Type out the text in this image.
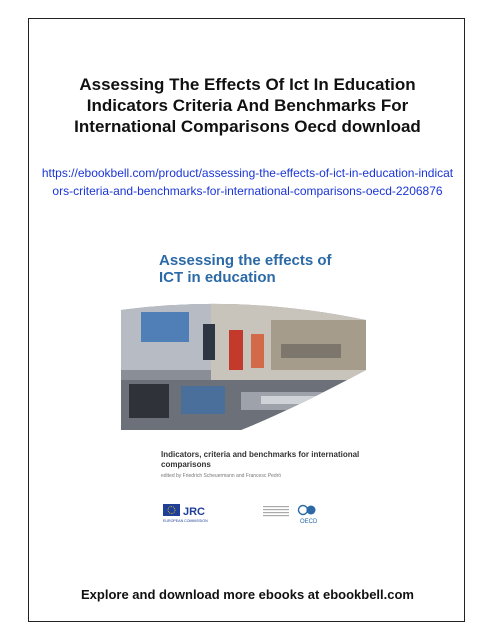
Assessing The Effects Of Ict In Education Indicators Criteria And Benchmarks For International Comparisons Oecd download
https://ebookbell.com/product/assessing-the-effects-of-ict-in-education-indicators-criteria-and-benchmarks-for-international-comparisons-oecd-2206876
Assessing the effects of ICT in education
Indicators, criteria and benchmarks for international comparisons
edited by Friedrich Scheuermann and Francesc Pedró
JRC
EUROPEAN COMMISSION	OECD
Explore and download more ebooks at ebookbell.com
